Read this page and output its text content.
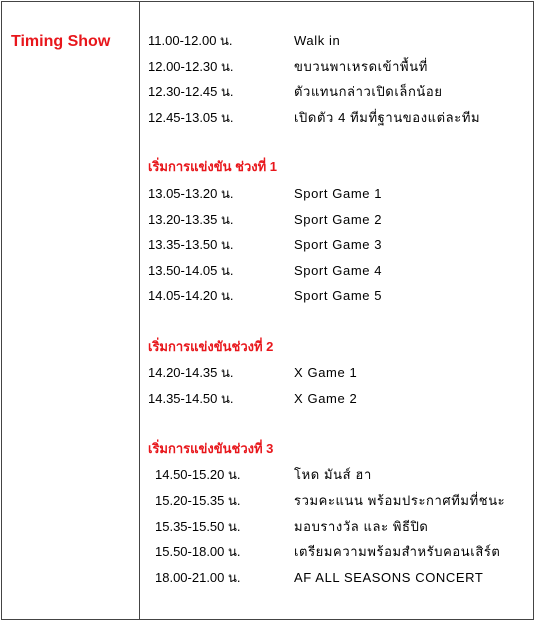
Timing Show	11.00-12.00 น.	Walk in
12.00-12.30 น.	ขบวนพาเหรดเข้าพื้นที่
12.30-12.45 น.	ตัวแทนกล่าวเปิดเล็กน้อย
12.45-13.05 น.	เปิดตัว 4 ทีมที่ฐานของแต่ละทีม
เริ่มการแข่งขัน ช่วงที่ 1
13.05-13.20 น.	Sport Game 1
13.20-13.35 น.	Sport Game 2
13.35-13.50 น.	Sport Game 3
13.50-14.05 น.	Sport Game 4
14.05-14.20 น.	Sport Game 5
เริ่มการแข่งขันช่วงที่ 2
14.20-14.35 น.	X Game 1
14.35-14.50 น.	X Game 2
เริ่มการแข่งขันช่วงที่ 3
14.50-15.20 น.	โหด มันส์ ฮา
15.20-15.35 น.	รวมคะแนน พร้อมประกาศทีมที่ชนะ
15.35-15.50 น.	มอบรางวัล และ พิธีปิด
15.50-18.00 น.	เตรียมความพร้อมสำหรับคอนเสิร์ต
18.00-21.00 น.	AF ALL SEASONS CONCERT
